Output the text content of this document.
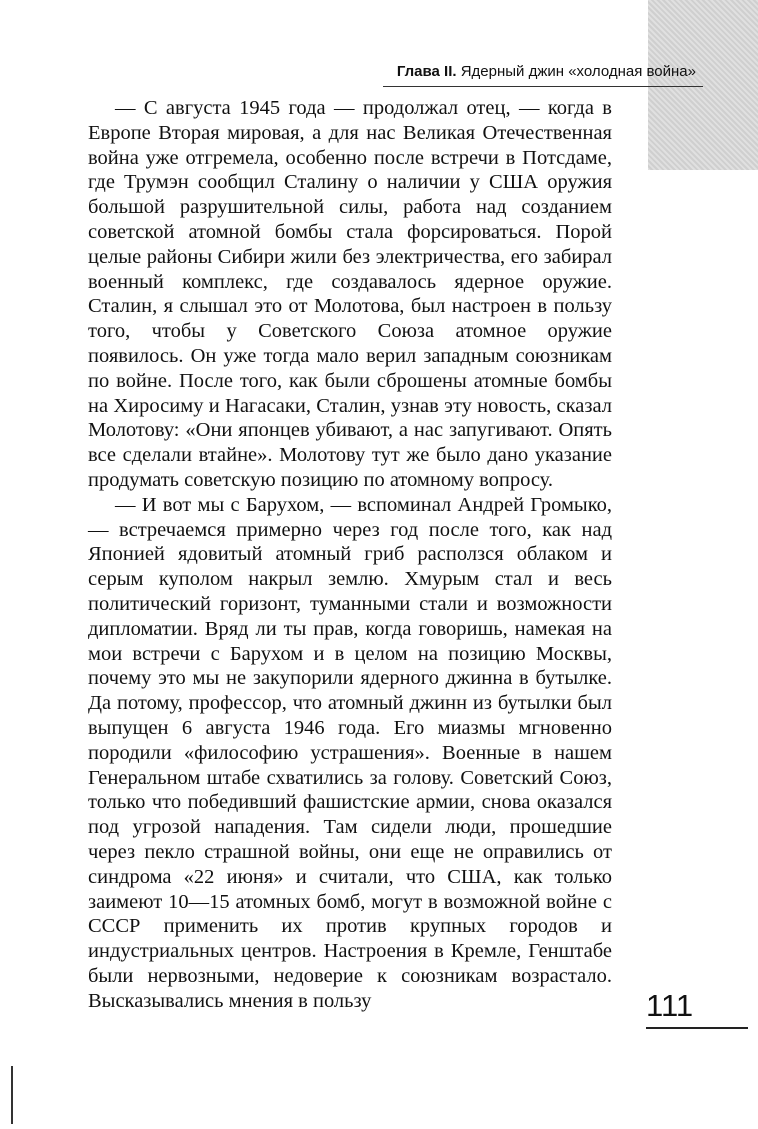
Глава II. Ядерный джин «холодная война»

— С августа 1945 года — продолжал отец, — когда в Европе Вторая мировая, а для нас Великая Отечественная война уже отгремела, особенно после встречи в Потсдаме, где Трумэн сообщил Сталину о наличии у США оружия большой разрушительной силы, работа над созданием советской атомной бомбы стала форсироваться. Порой целые районы Сибири жили без электричества, его забирал военный комплекс, где создавалось ядерное оружие. Сталин, я слышал это от Молотова, был настроен в пользу того, чтобы у Советского Союза атомное оружие появилось. Он уже тогда мало верил западным союзникам по войне. После того, как были сброшены атомные бомбы на Хиросиму и Нагасаки, Сталин, узнав эту новость, сказал Молотову: «Они японцев убивают, а нас запугивают. Опять все сделали втайне». Молотову тут же было дано указание продумать советскую позицию по атомному вопросу.

— И вот мы с Барухом, — вспоминал Андрей Громыко, — встречаемся примерно через год после того, как над Японией ядовитый атомный гриб расползся облаком и серым куполом накрыл землю. Хмурым стал и весь политический горизонт, туманными стали и возможности дипломатии. Вряд ли ты прав, когда говоришь, намекая на мои встречи с Барухом и в целом на позицию Москвы, почему это мы не закупорили ядерного джинна в бутылке. Да потому, профессор, что атомный джинн из бутылки был выпущен 6 августа 1946 года. Его миазмы мгновенно породили «философию устрашения». Военные в нашем Генеральном штабе схватились за голову. Советский Союз, только что победивший фашистские армии, снова оказался под угрозой нападения. Там сидели люди, прошедшие через пекло страшной войны, они еще не оправились от синдрома «22 июня» и считали, что США, как только заимеют 10—15 атомных бомб, могут в возможной войне с СССР применить их против крупных городов и индустриальных центров. Настроения в Кремле, Генштабе были нервозными, недоверие к союзникам возрастало. Высказывались мнения в пользу	111
